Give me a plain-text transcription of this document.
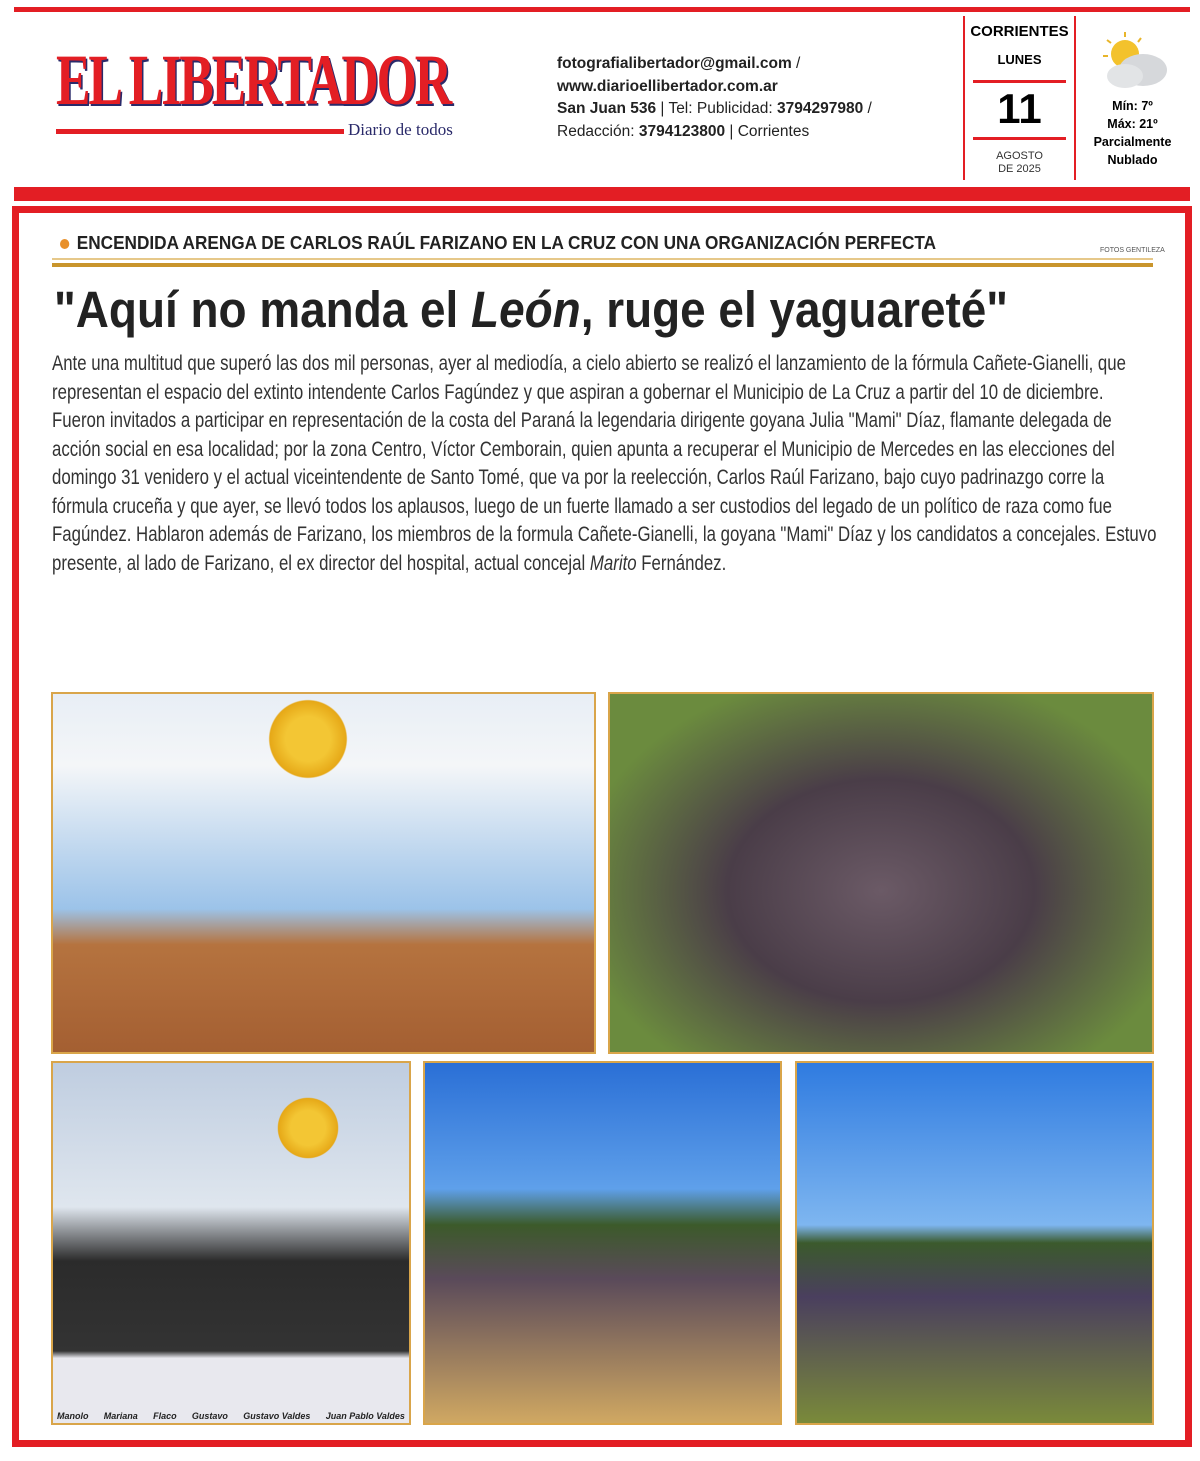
EL LIBERTADOR
Diario de todos
fotografialibertador@gmail.com /
www.diarioellibertador.com.ar
San Juan 536 | Tel: Publicidad: 3794297980 /
Redacción: 3794123800 | Corrientes
CORRIENTES
LUNES
11
AGOSTO
DE 2025
Mín: 7º
Máx: 21º
Parcialmente
Nublado
ENCENDIDA ARENGA DE CARLOS RAÚL FARIZANO EN LA CRUZ CON UNA ORGANIZACIÓN PERFECTA	FOTOS GENTILEZA
"Aquí no manda el León, ruge el yaguareté"
Ante una multitud que superó las dos mil personas, ayer al mediodía, a cielo abierto se realizó el lanzamiento de la fórmula Cañete-Gianelli, que representan el espacio del extinto intendente Carlos Fagúndez y que aspiran a gobernar el Municipio de La Cruz a partir del 10 de diciembre. Fueron invitados a participar en representación de la costa del Paraná la legendaria dirigente goyana Julia "Mami" Díaz, flamante delegada de acción social en esa localidad; por la zona Centro, Víctor Cemborain, quien apunta a recuperar el Municipio de Mercedes en las elecciones del domingo 31 venidero y el actual viceintendente de Santo Tomé, que va por la reelección, Carlos Raúl Farizano, bajo cuyo padrinazgo corre la fórmula cruceña y que ayer, se llevó todos los aplausos, luego de un fuerte llamado a ser custodios del legado de un político de raza como fue Fagúndez. Hablaron además de Farizano, los miembros de la formula Cañete-Gianelli, la goyana "Mami" Díaz y los candidatos a concejales. Estuvo presente, al lado de Farizano, el ex director del hospital, actual concejal Marito Fernández.
Manolo Mariana Flaco Gustavo Gustavo Valdes Juan Pablo Valdes
